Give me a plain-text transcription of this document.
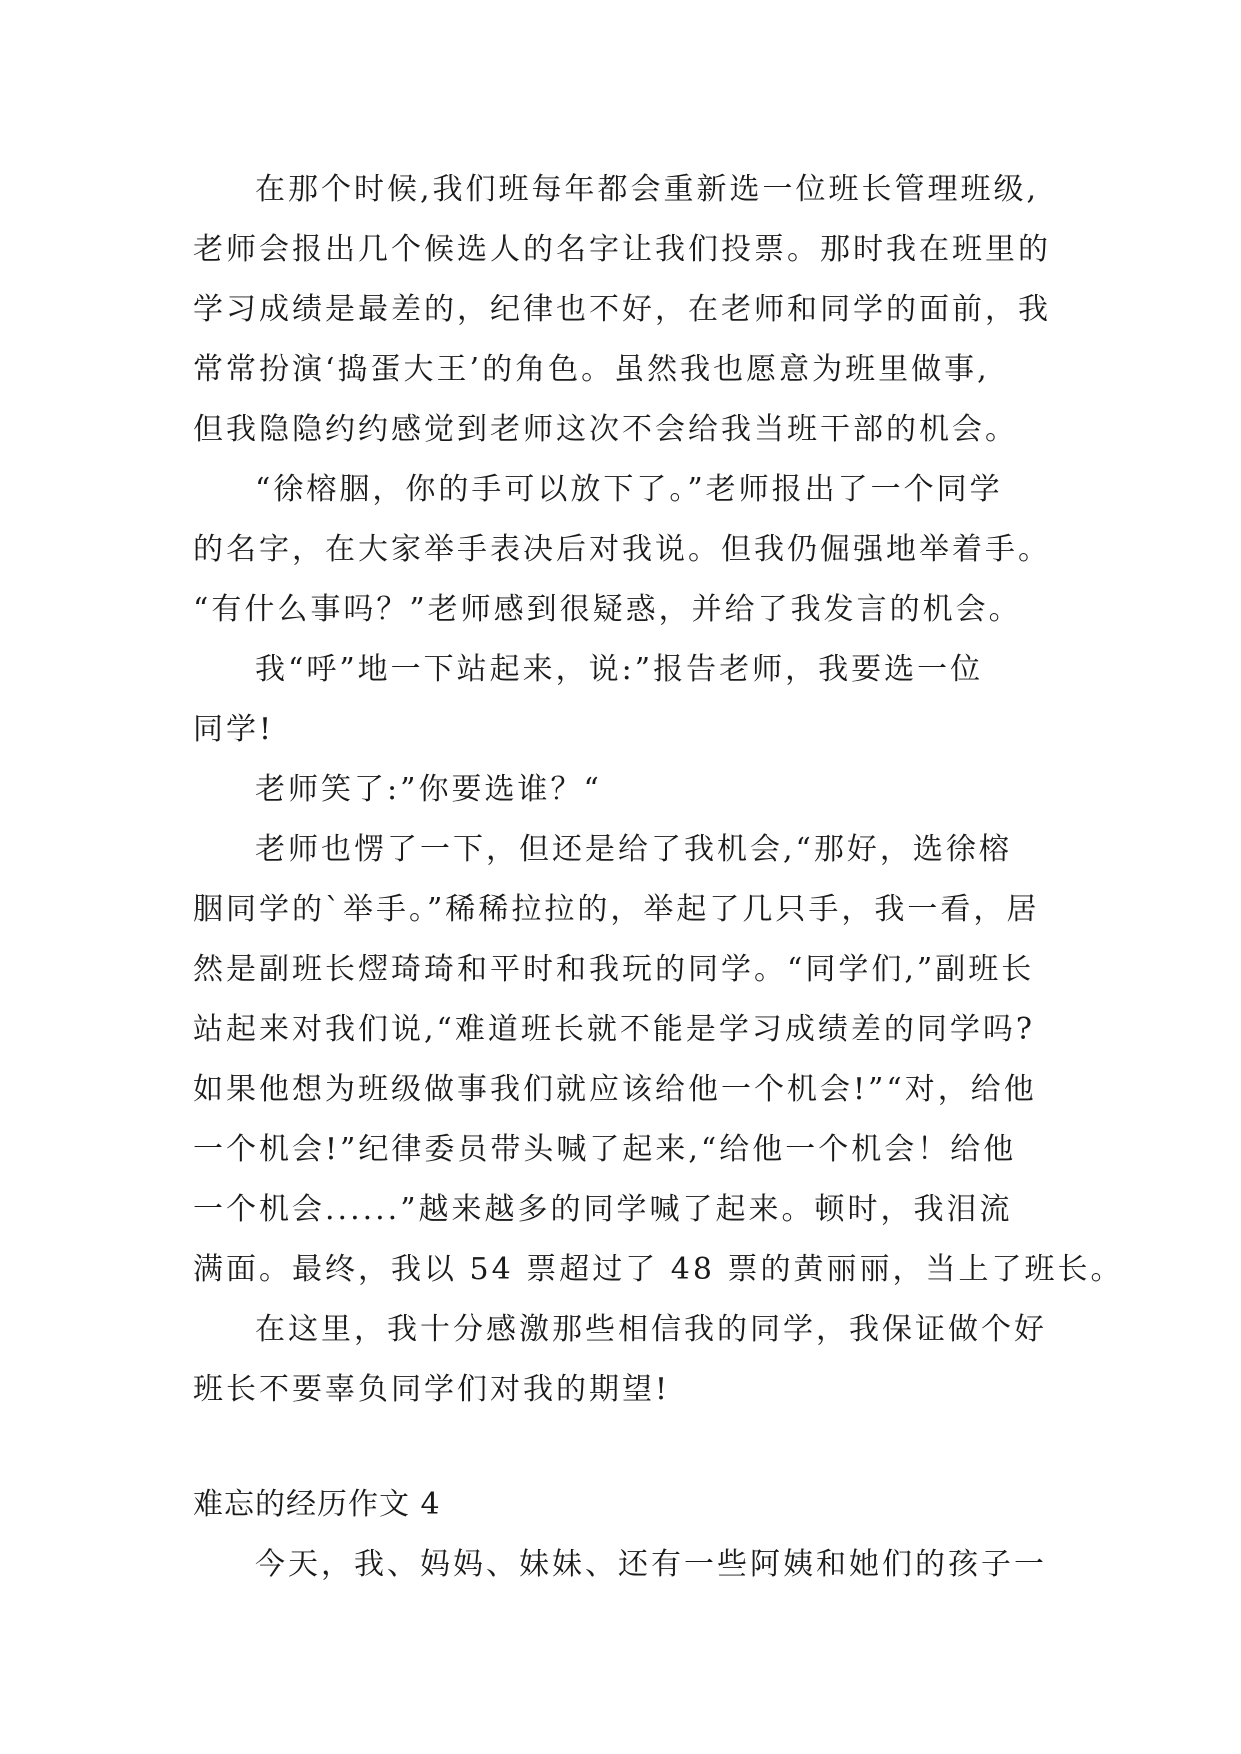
在那个时候,我们班每年都会重新选一位班长管理班级,
老师会报出几个候选人的名字让我们投票。那时我在班里的
学习成绩是最差的，纪律也不好，在老师和同学的面前，我
常常扮演‘捣蛋大王’的角色。虽然我也愿意为班里做事,
但我隐隐约约感觉到老师这次不会给我当班干部的机会。
“徐榕胭，你的手可以放下了。”老师报出了一个同学
的名字，在大家举手表决后对我说。但我仍倔强地举着手。
“有什么事吗？”老师感到很疑惑，并给了我发言的机会。
我“呼”地一下站起来，说:”报告老师，我要选一位
同学!
老师笑了:”你要选谁？“
老师也愣了一下，但还是给了我机会,“那好，选徐榕
胭同学的`举手。”稀稀拉拉的，举起了几只手，我一看，居
然是副班长熤琦琦和平时和我玩的同学。“同学们,”副班长
站起来对我们说,“难道班长就不能是学习成绩差的同学吗?
如果他想为班级做事我们就应该给他一个机会!”“对，给他
一个机会!”纪律委员带头喊了起来,“给他一个机会！给他
一个机会......”越来越多的同学喊了起来。顿时，我泪流
满面。最终，我以 54 票超过了 48 票的黄丽丽，当上了班长。
在这里，我十分感激那些相信我的同学，我保证做个好
班长不要辜负同学们对我的期望!
难忘的经历作文 4
今天，我、妈妈、妹妹、还有一些阿姨和她们的孩子一
